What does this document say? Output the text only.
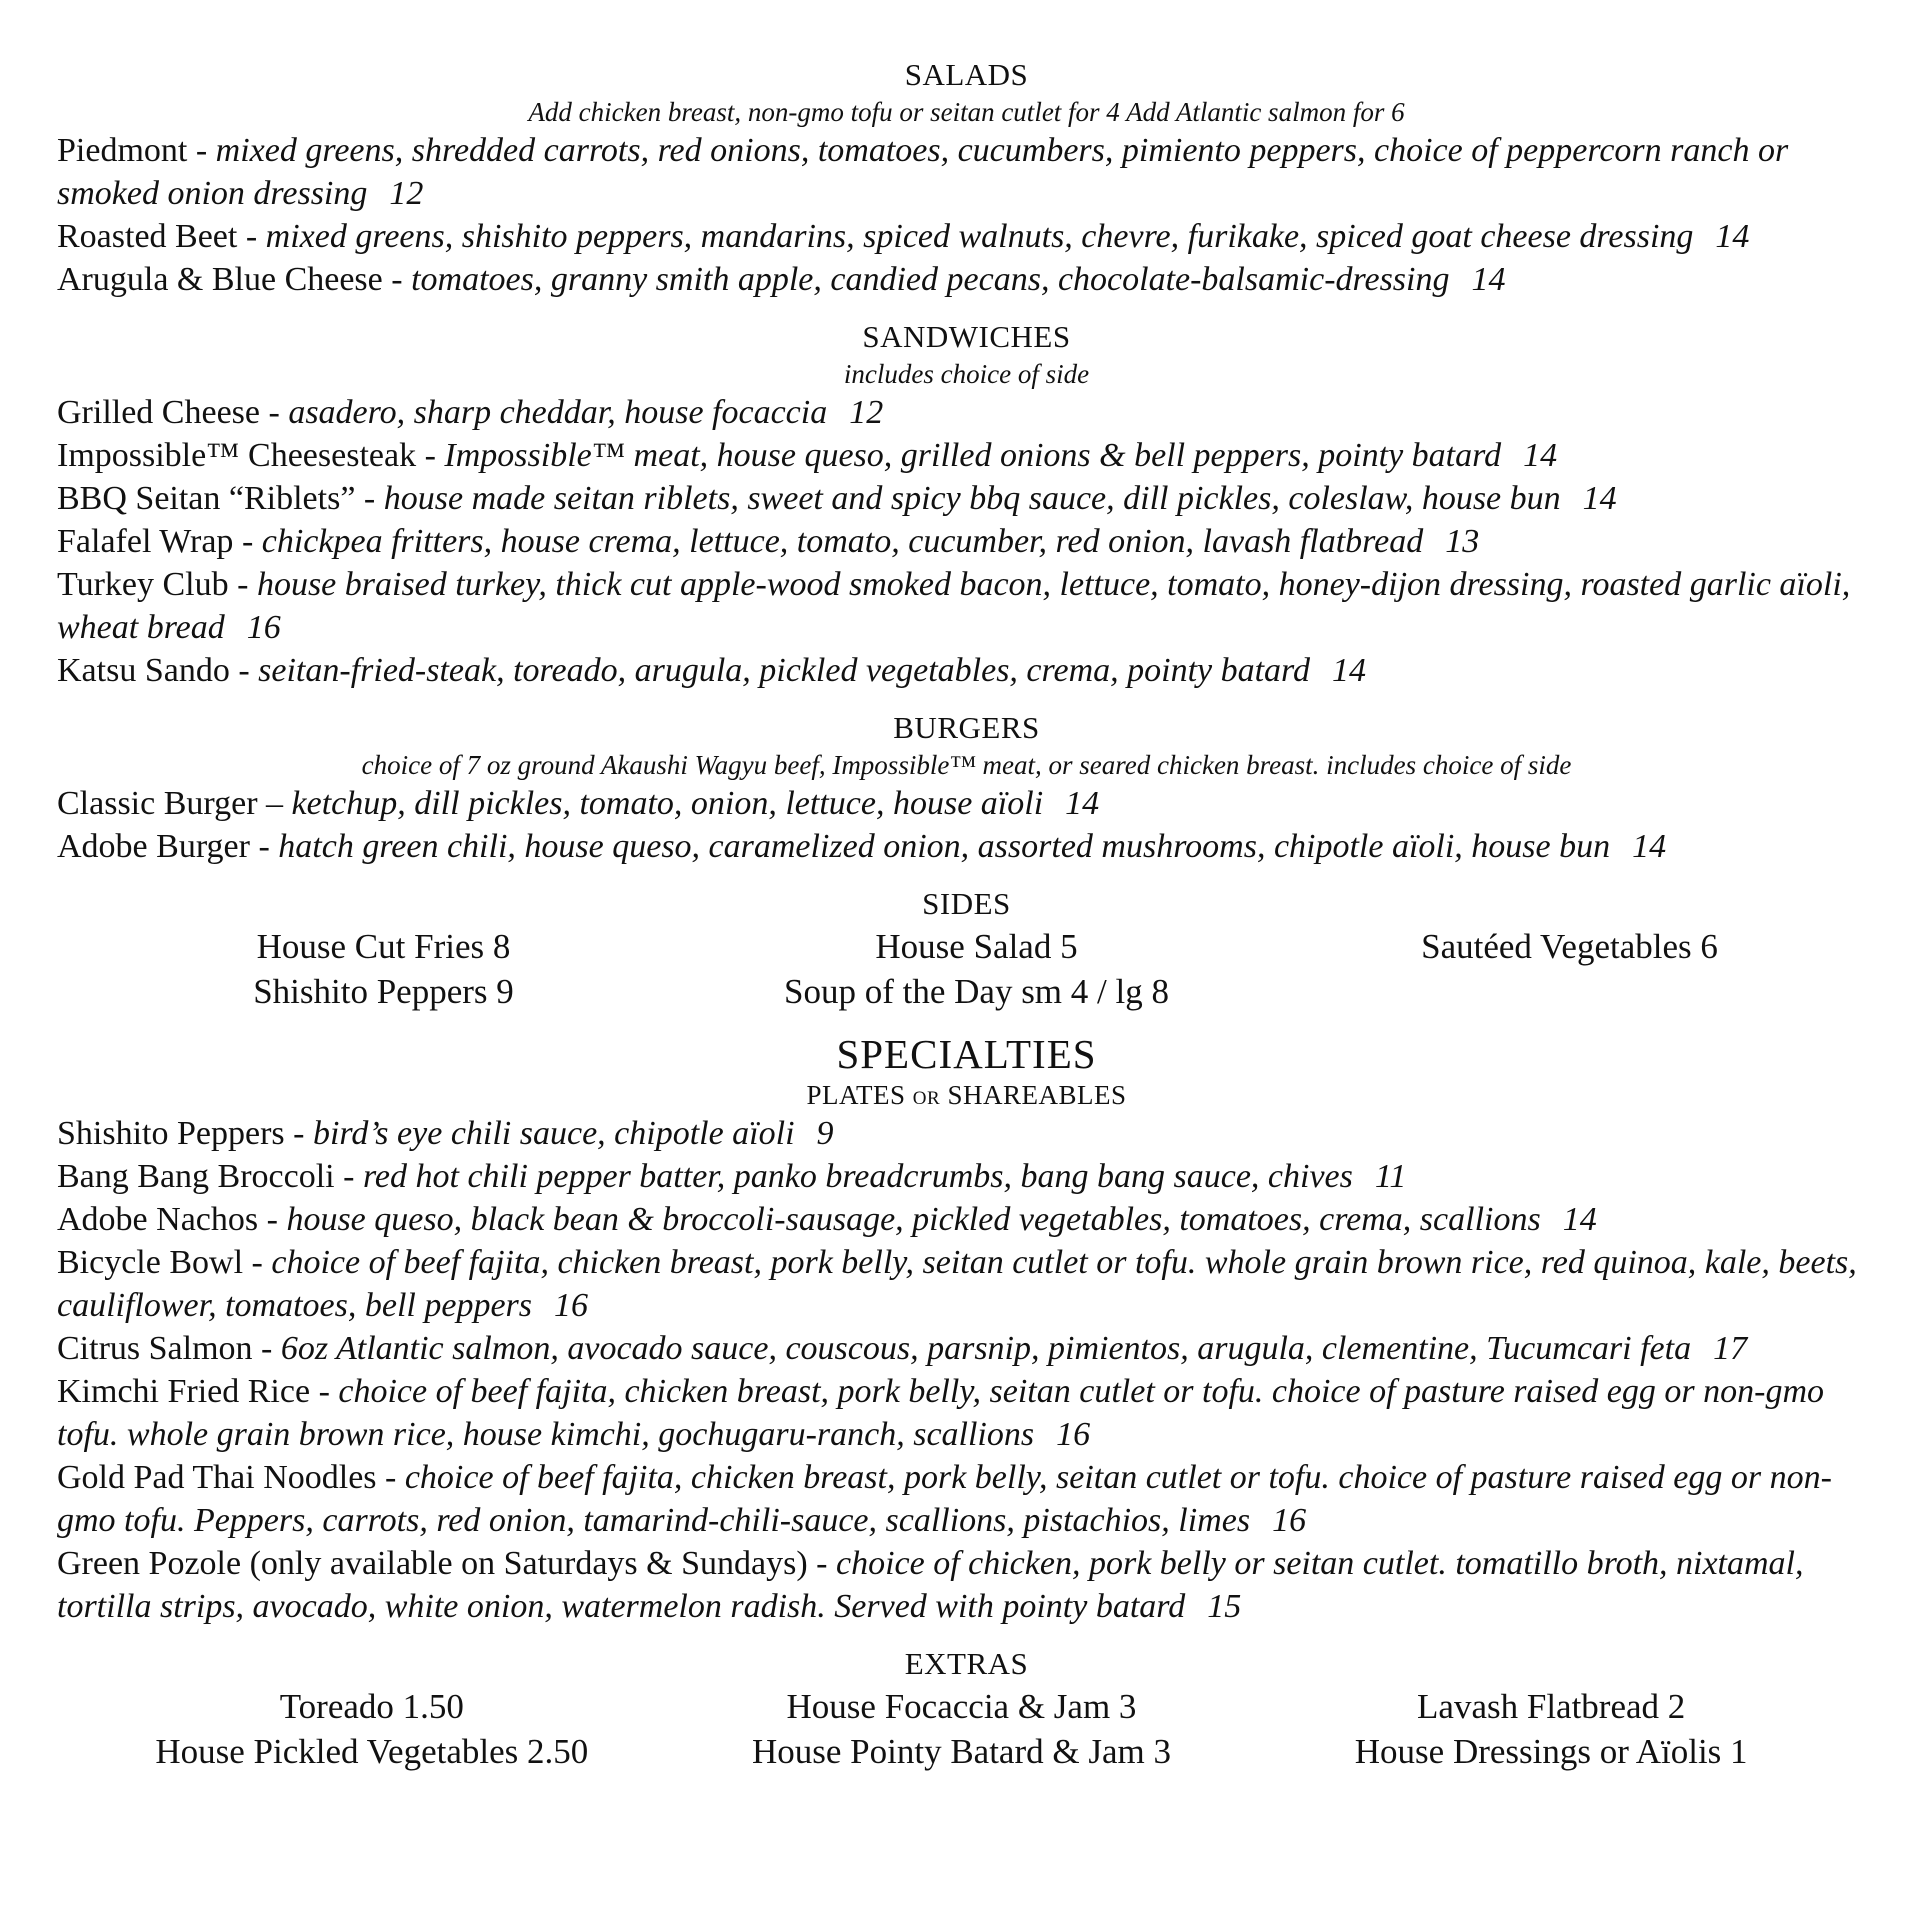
SALADS
Add chicken breast, non-gmo tofu or seitan cutlet for 4 Add Atlantic salmon for 6

Piedmont - mixed greens, shredded carrots, red onions, tomatoes, cucumbers, pimiento peppers, choice of peppercorn ranch or smoked onion dressing 12

Roasted Beet - mixed greens, shishito peppers, mandarins, spiced walnuts, chevre, furikake, spiced goat cheese dressing 14

Arugula & Blue Cheese - tomatoes, granny smith apple, candied pecans, chocolate-balsamic-dressing 14

SANDWICHES
includes choice of side

Grilled Cheese - asadero, sharp cheddar, house focaccia 12

Impossible™ Cheesesteak - Impossible™ meat, house queso, grilled onions & bell peppers, pointy batard 14

BBQ Seitan “Riblets” - house made seitan riblets, sweet and spicy bbq sauce, dill pickles, coleslaw, house bun 14

Falafel Wrap - chickpea fritters, house crema, lettuce, tomato, cucumber, red onion, lavash flatbread 13

Turkey Club - house braised turkey, thick cut apple-wood smoked bacon, lettuce, tomato, honey-dijon dressing, roasted garlic aïoli, wheat bread 16

Katsu Sando - seitan-fried-steak, toreado, arugula, pickled vegetables, crema, pointy batard 14

BURGERS
choice of 7 oz ground Akaushi Wagyu beef, Impossible™ meat, or seared chicken breast. includes choice of side

Classic Burger – ketchup, dill pickles, tomato, onion, lettuce, house aïoli 14

Adobe Burger - hatch green chili, house queso, caramelized onion, assorted mushrooms, chipotle aïoli, house bun 14

SIDES
House Cut Fries 8	House Salad 5	Sautéed Vegetables 6
Shishito Peppers 9	Soup of the Day sm 4 / lg 8
SPECIALTIES
PLATES or SHAREABLES

Shishito Peppers - bird’s eye chili sauce, chipotle aïoli 9

Bang Bang Broccoli - red hot chili pepper batter, panko breadcrumbs, bang bang sauce, chives 11

Adobe Nachos - house queso, black bean & broccoli-sausage, pickled vegetables, tomatoes, crema, scallions 14

Bicycle Bowl - choice of beef fajita, chicken breast, pork belly, seitan cutlet or tofu. whole grain brown rice, red quinoa, kale, beets, cauliflower, tomatoes, bell peppers 16

Citrus Salmon - 6oz Atlantic salmon, avocado sauce, couscous, parsnip, pimientos, arugula, clementine, Tucumcari feta 17

Kimchi Fried Rice - choice of beef fajita, chicken breast, pork belly, seitan cutlet or tofu. choice of pasture raised egg or non-gmo tofu. whole grain brown rice, house kimchi, gochugaru-ranch, scallions 16

Gold Pad Thai Noodles - choice of beef fajita, chicken breast, pork belly, seitan cutlet or tofu. choice of pasture raised egg or non-gmo tofu. Peppers, carrots, red onion, tamarind-chili-sauce, scallions, pistachios, limes 16

Green Pozole (only available on Saturdays & Sundays) - choice of chicken, pork belly or seitan cutlet. tomatillo broth, nixtamal, tortilla strips, avocado, white onion, watermelon radish. Served with pointy batard 15

EXTRAS
Toreado 1.50	House Focaccia & Jam 3	Lavash Flatbread 2
House Pickled Vegetables 2.50	House Pointy Batard & Jam 3	House Dressings or Aïolis 1
